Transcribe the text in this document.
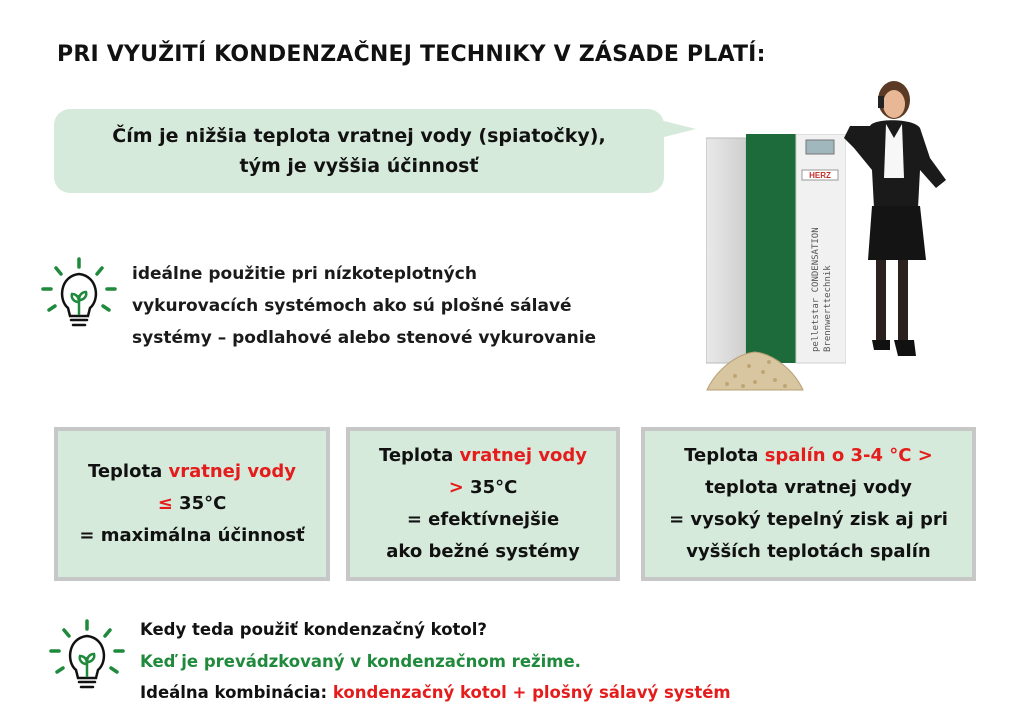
PRI VYUŽITÍ KONDENZAČNEJ TECHNIKY V ZÁSADE PLATÍ:
Čím je nižšia teplota vratnej vody (spiatočky),
tým je vyššia účinnosť
ideálne použitie pri nízkoteplotných
vykurovacích systémoch ako sú plošné sálavé
systémy – podlahové alebo stenové vykurovanie
HERZ
pelletstar CONDENSATION Brennwerttechnik
Teplota vratnej vody
≤ 35°C
= maximálna účinnosť
Teplota vratnej vody
> 35°C
= efektívnejšie
ako bežné systémy
Teplota spalín o 3-4 °C >
teplota vratnej vody
= vysoký tepelný zisk aj pri
vyšších teplotách spalín
Kedy teda použiť kondenzačný kotol?
Keď je prevádzkovaný v kondenzačnom režime.
Ideálna kombinácia: kondenzačný kotol + plošný sálavý systém
